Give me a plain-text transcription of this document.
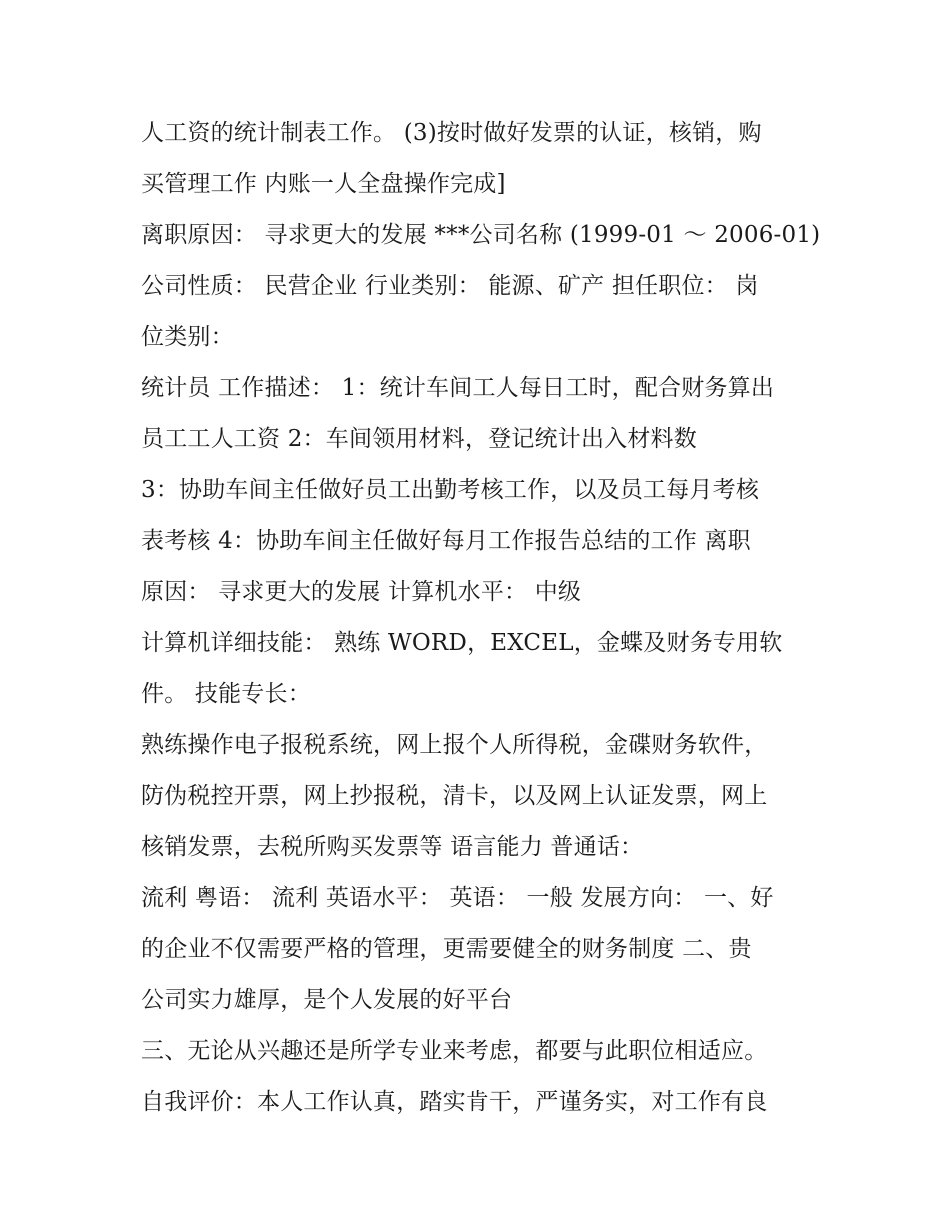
人工资的统计制表工作。 (3)按时做好发票的认证，核销，购
买管理工作 内账一人全盘操作完成]
离职原因： 寻求更大的发展 ***公司名称 (1999-01 ～ 2006-01)
公司性质： 民营企业 行业类别： 能源、矿产 担任职位： 岗
位类别：
统计员 工作描述： 1：统计车间工人每日工时，配合财务算出
员工工人工资 2：车间领用材料，登记统计出入材料数
3：协助车间主任做好员工出勤考核工作，以及员工每月考核
表考核 4：协助车间主任做好每月工作报告总结的工作 离职
原因： 寻求更大的发展 计算机水平： 中级
计算机详细技能： 熟练 WORD，EXCEL，金蝶及财务专用软
件。 技能专长：
熟练操作电子报税系统，网上报个人所得税，金碟财务软件，
防伪税控开票，网上抄报税，清卡，以及网上认证发票，网上
核销发票，去税所购买发票等 语言能力 普通话：
流利 粤语： 流利 英语水平： 英语： 一般 发展方向： 一、好
的企业不仅需要严格的管理，更需要健全的财务制度 二、贵
公司实力雄厚，是个人发展的好平台
三、无论从兴趣还是所学专业来考虑，都要与此职位相适应。
自我评价：本人工作认真，踏实肯干，严谨务实，对工作有良
